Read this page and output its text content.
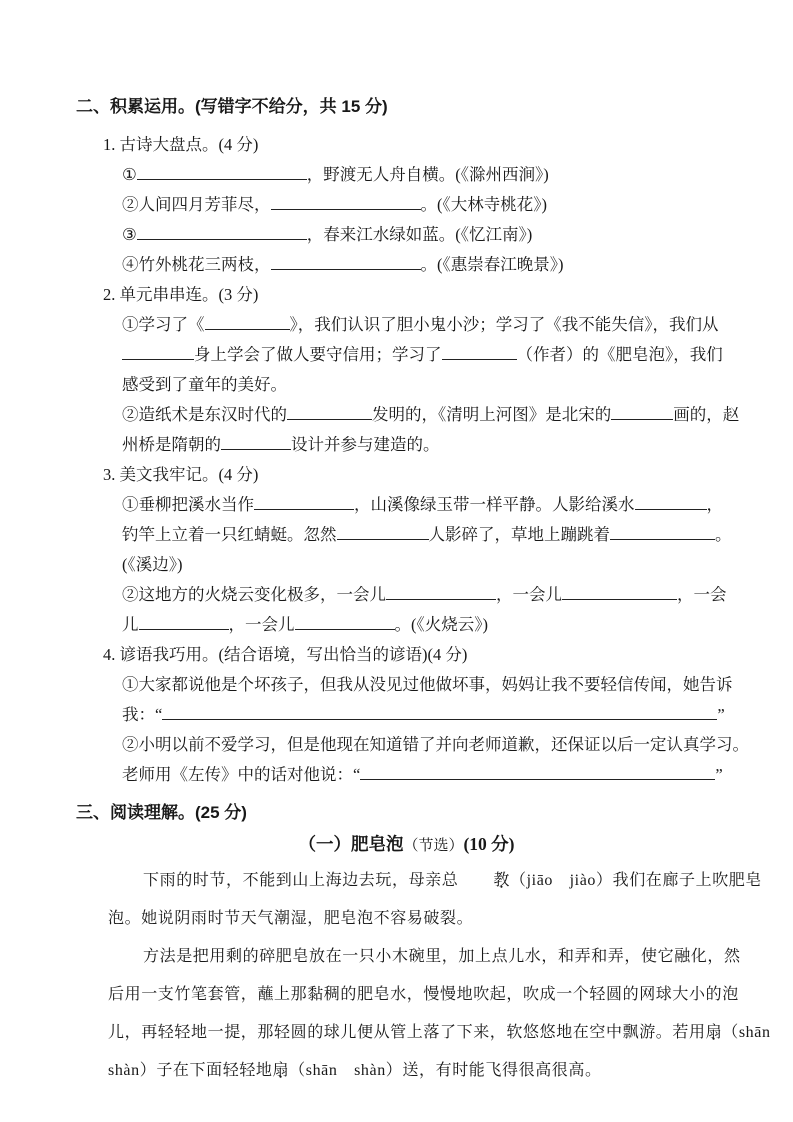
二、积累运用。(写错字不给分，共 15 分)
1. 古诗大盘点。(4 分)
①	，野渡无人舟自横。(《滁州西涧》)
②人间四月芳菲尽，	。(《大林寺桃花》)
③	，春来江水绿如蓝。(《忆江南》)
④竹外桃花三两枝，	。(《惠崇春江晚景》)
2. 单元串串连。(3 分)
①学习了《	》，我们认识了胆小鬼小沙；学习了《我不能失信》，我们从
身上学会了做人要守信用；学习了	（作者）的《肥皂泡》，我们
感受到了童年的美好。
②造纸术是东汉时代的	发明的，《清明上河图》是北宋的	画的，赵
州桥是隋朝的	设计并参与建造的。
3. 美文我牢记。(4 分)
①垂柳把溪水当作	，山溪像绿玉带一样平静。人影给溪水	，
钓竿上立着一只红蜻蜓。忽然	人影碎了，草地上蹦跳着	。
(《溪边》)
②这地方的火烧云变化极多，一会儿	，一会儿	，一会
儿	，一会儿	。(《火烧云》)
4. 谚语我巧用。(结合语境，写出恰当的谚语)(4 分)
①大家都说他是个坏孩子，但我从没见过他做坏事，妈妈让我不要轻信传闻，她告诉
我：“	”
②小明以前不爱学习，但是他现在知道错了并向老师道歉，还保证以后一定认真学习。
老师用《左传》中的话对他说：“	”
三、阅读理解。(25 分)
（一）肥皂泡（节选）(10 分)
下雨的时节，不能到山上海边去玩，母亲总 教 •（jiāo　jiào）我们在廊子上吹肥皂
泡。她说阴雨时节天气潮湿，肥皂泡不容易破裂。
方法是把用剩的碎肥皂放在一只小木碗里，加上点儿水，和弄和弄，使它融化，然
后用一支竹笔套管，蘸上那黏稠的肥皂水，慢慢地吹起，吹成一个轻圆的网球大小的泡
儿，再轻轻地一提，那轻圆的球儿便从管上落了下来，软悠悠地在空中飘游。若用扇 •（shān
shàn）子在下面轻轻地扇 •（shān　shàn）送，有时能飞得很高很高。
